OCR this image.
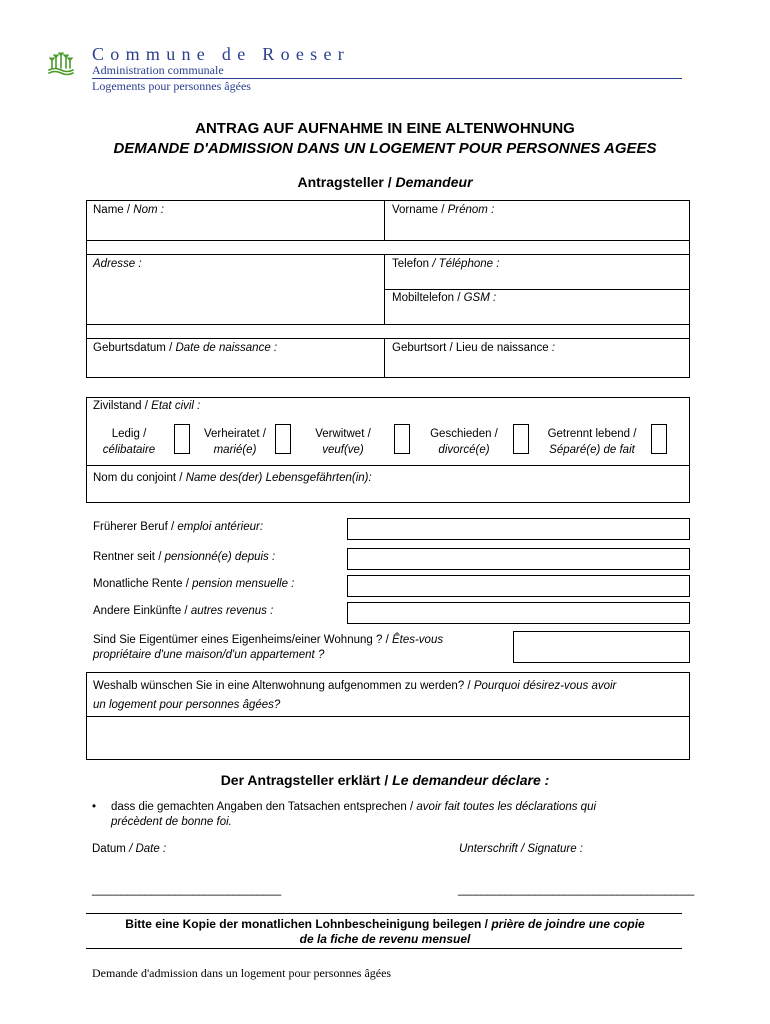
Commune de Roeser
Administration communale
Logements pour personnes âgées
ANTRAG AUF AUFNAHME IN EINE ALTENWOHNUNG
DEMANDE D'ADMISSION DANS UN LOGEMENT POUR PERSONNES AGEES
Antragsteller / Demandeur
Name / Nom :	Vorname / Prénom :
Adresse :	Telefon / Téléphone :
Mobiltelefon / GSM :
Geburtsdatum / Date de naissance :	Geburtsort / Lieu de naissance :
Zivilstand / Etat civil :
Ledig /
célibataire
Verheiratet /
marié(e)
Verwitwet /
veuf(ve)
Geschieden /
divorcé(e)
Getrennt lebend /
Séparé(e) de fait
Nom du conjoint / Name des(der) Lebensgefährten(in):
Früherer Beruf / emploi antérieur:
Rentner seit / pensionné(e) depuis :
Monatliche Rente / pension mensuelle :
Andere Einkünfte / autres revenus :
Sind Sie Eigentümer eines Eigenheims/einer Wohnung ? / Êtes-vous
propriétaire d'une maison/d'un appartement ?
Weshalb wünschen Sie in eine Altenwohnung aufgenommen zu werden? / Pourquoi désirez-vous avoir
un logement pour personnes âgées?
Der Antragsteller erklärt / Le demandeur déclare :
• dass die gemachten Angaben den Tatsachen entsprechen / avoir fait toutes les déclarations qui
précèdent de bonne foi.
Datum / Date :	Unterschrift / Signature :
________________________________	________________________________________
Bitte eine Kopie der monatlichen Lohnbescheinigung beilegen / prière de joindre une copie
de la fiche de revenu mensuel
Demande d'admission dans un logement pour personnes âgées
